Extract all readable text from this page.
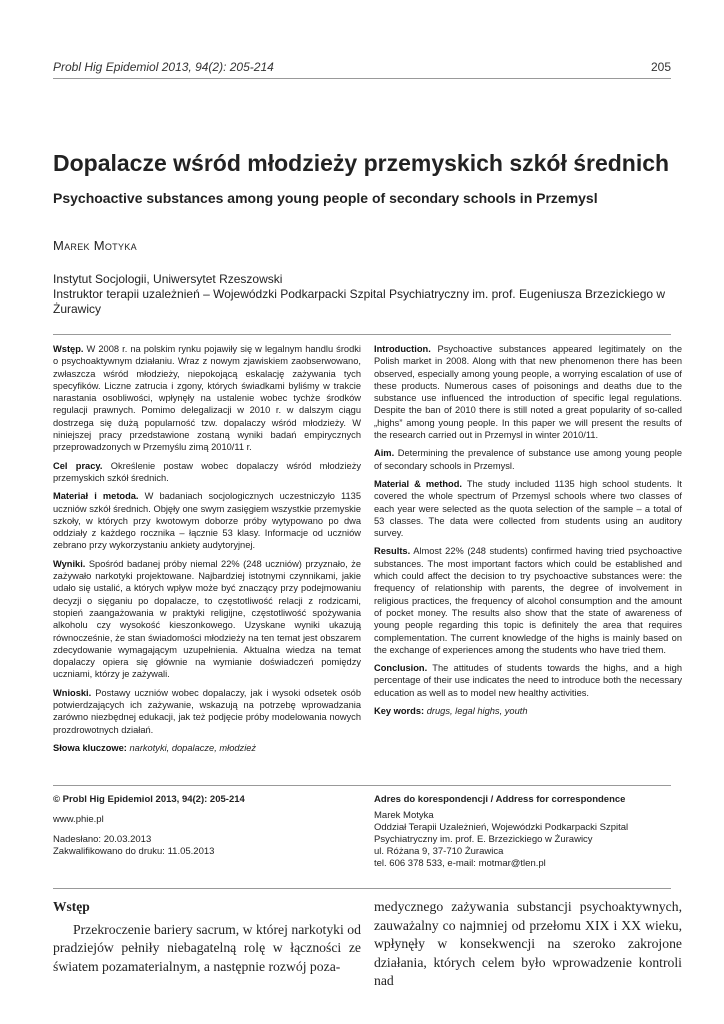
Probl Hig Epidemiol 2013, 94(2): 205-214	205
Dopalacze wśród młodzieży przemyskich szkół średnich
Psychoactive substances among young people of secondary schools in Przemysl
Marek Motyka
Instytut Socjologii, Uniwersytet Rzeszowski
Instruktor terapii uzależnień – Wojewódzki Podkarpacki Szpital Psychiatryczny im. prof. Eugeniusza Brzezickiego w Żurawicy

Wstęp. W 2008 r. na polskim rynku pojawiły się w legalnym handlu środki o psychoaktywnym działaniu. Wraz z nowym zjawiskiem zaobserwowano, zwłaszcza wśród młodzieży, niepokojącą eskalację zażywania tych specyfików. Liczne zatrucia i zgony, których świadkami byliśmy w trakcie narastania osobliwości, wpłynęły na ustalenie wobec tychże środków regulacji prawnych. Pomimo delegalizacji w 2010 r. w dalszym ciągu dostrzega się dużą popularność tzw. dopalaczy wśród młodzieży. W niniejszej pracy przedstawione zostaną wyniki badań empirycznych przeprowadzonych w Przemyślu zimą 2010/11 r.

Cel pracy. Określenie postaw wobec dopalaczy wśród młodzieży przemyskich szkół średnich.

Materiał i metoda. W badaniach socjologicznych uczestniczyło 1135 uczniów szkół średnich. Objęły one swym zasięgiem wszystkie przemyskie szkoły, w których przy kwotowym doborze próby wytypowano po dwa oddziały z każdego rocznika – łącznie 53 klasy. Informacje od uczniów zebrano przy wykorzystaniu ankiety audytoryjnej.

Wyniki. Spośród badanej próby niemal 22% (248 uczniów) przyznało, że zażywało narkotyki projektowane. Najbardziej istotnymi czynnikami, jakie udało się ustalić, a których wpływ może być znaczący przy podejmowaniu decyzji o sięganiu po dopalacze, to częstotliwość relacji z rodzicami, stopień zaangażowania w praktyki religijne, częstotliwość spożywania alkoholu czy wysokość kieszonkowego. Uzyskane wyniki ukazują równocześnie, że stan świadomości młodzieży na ten temat jest obszarem zdecydowanie wymagającym uzupełnienia. Aktualna wiedza na temat dopalaczy opiera się głównie na wymianie doświadczeń pomiędzy uczniami, którzy je zażywali.

Wnioski. Postawy uczniów wobec dopalaczy, jak i wysoki odsetek osób potwierdzających ich zażywanie, wskazują na potrzebę wprowadzania zarówno niezbędnej edukacji, jak też podjęcie próby modelowania nowych prozdrowotnych działań.

Słowa kluczowe: narkotyki, dopalacze, młodzież

Introduction. Psychoactive substances appeared legitimately on the Polish market in 2008. Along with that new phenomenon there has been observed, especially among young people, a worrying escalation of use of these products. Numerous cases of poisonings and deaths due to the substance use influenced the introduction of specific legal regulations. Despite the ban of 2010 there is still noted a great popularity of so-called „highs” among young people. In this paper we will present the results of the research carried out in Przemysl in winter 2010/11.

Aim. Determining the prevalence of substance use among young people of secondary schools in Przemysl.

Material & method. The study included 1135 high school students. It covered the whole spectrum of Przemysl schools where two classes of each year were selected as the quota selection of the sample – a total of 53 classes. The data were collected from students using an auditory survey.

Results. Almost 22% (248 students) confirmed having tried psychoactive substances. The most important factors which could be established and which could affect the decision to try psychoactive substances were: the frequency of relationship with parents, the degree of involvement in religious practices, the frequency of alcohol consumption and the amount of pocket money. The results also show that the state of awareness of young people regarding this topic is definitely the area that requires complementation. The current knowledge of the highs is mainly based on the exchange of experiences among the students who have tried them.

Conclusion. The attitudes of students towards the highs, and a high percentage of their use indicates the need to introduce both the necessary education as well as to model new healthy activities.

Key words: drugs, legal highs, youth

© Probl Hig Epidemiol 2013, 94(2): 205-214

www.phie.pl

Nadesłano: 20.03.2013
Zakwalifikowano do druku: 11.05.2013

Adres do korespondencji / Address for correspondence

Marek Motyka
Oddział Terapii Uzależnień, Wojewódzki Podkarpacki Szpital
Psychiatryczny im. prof. E. Brzezickiego w Żurawicy
ul. Różana 9, 37-710 Żurawica
tel. 606 378 533, e-mail: motmar@tlen.pl
Wstęp

Przekroczenie bariery sacrum, w której narkotyki od pradziejów pełniły niebagatelną rolę w łączności ze światem pozamaterialnym, a następnie rozwój poza-

medycznego zażywania substancji psychoaktywnych, zauważalny co najmniej od przełomu XIX i XX wieku, wpłynęły w konsekwencji na szeroko zakrojone działania, których celem było wprowadzenie kontroli nad
